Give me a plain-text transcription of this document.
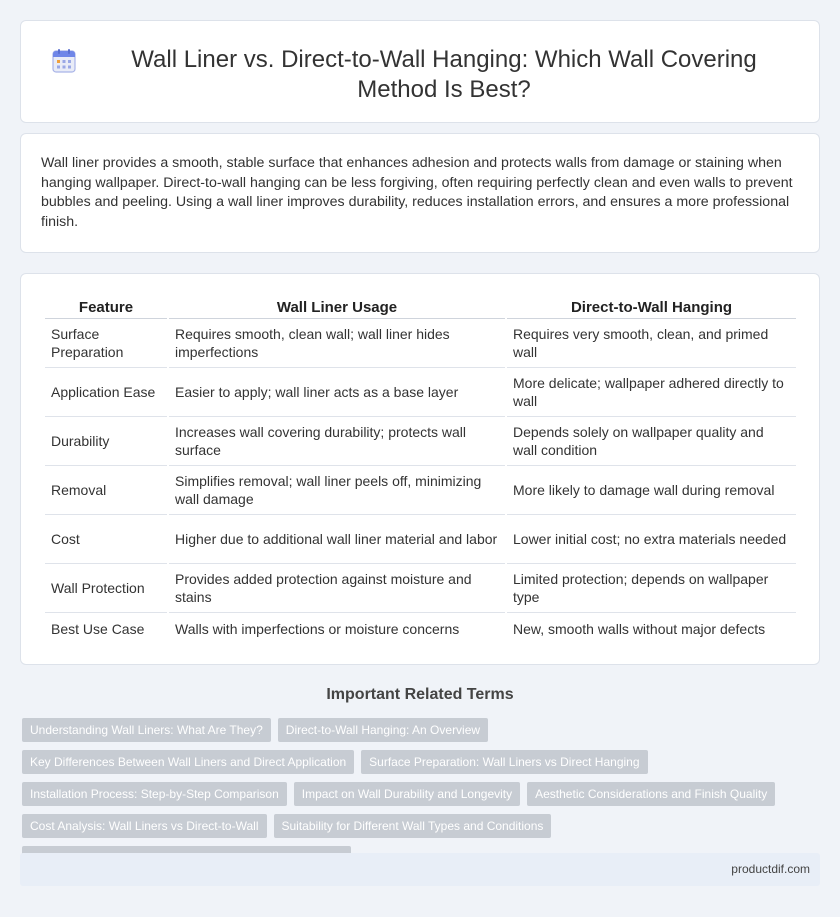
Wall Liner vs. Direct-to-Wall Hanging: Which Wall Covering Method Is Best?

Wall liner provides a smooth, stable surface that enhances adhesion and protects walls from damage or staining when hanging wallpaper. Direct-to-wall hanging can be less forgiving, often requiring perfectly clean and even walls to prevent bubbles and peeling. Using a wall liner improves durability, reduces installation errors, and ensures a more professional finish.

Feature	Wall Liner Usage	Direct-to-Wall Hanging
Surface Preparation	Requires smooth, clean wall; wall liner hides imperfections	Requires very smooth, clean, and primed wall
Application Ease	Easier to apply; wall liner acts as a base layer	More delicate; wallpaper adhered directly to wall
Durability	Increases wall covering durability; protects wall surface	Depends solely on wallpaper quality and wall condition
Removal	Simplifies removal; wall liner peels off, minimizing wall damage	More likely to damage wall during removal
Cost	Higher due to additional wall liner material and labor	Lower initial cost; no extra materials needed
Wall Protection	Provides added protection against moisture and stains	Limited protection; depends on wallpaper type
Best Use Case	Walls with imperfections or moisture concerns	New, smooth walls without major defects
Important Related Terms
Understanding Wall Liners: What Are They?	Direct-to-Wall Hanging: An Overview
Key Differences Between Wall Liners and Direct Application	Surface Preparation: Wall Liners vs Direct Hanging
Installation Process: Step-by-Step Comparison	Impact on Wall Durability and Longevity	Aesthetic Considerations and Finish Quality
Cost Analysis: Wall Liners vs Direct-to-Wall	Suitability for Different Wall Types and Conditions
productdif.com
